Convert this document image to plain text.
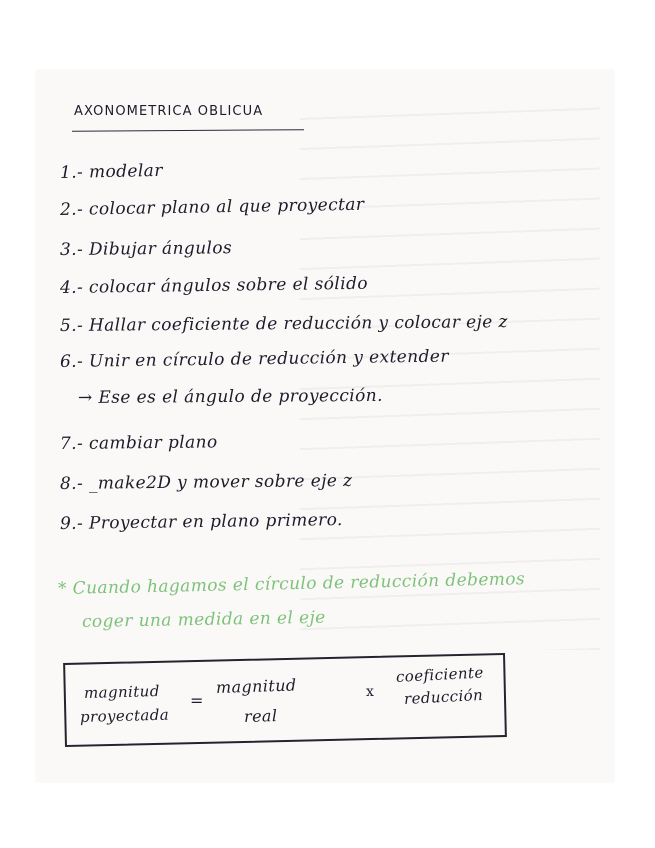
AXONOMETRICA OBLICUA
1.- modelar
2.- colocar plano al que proyectar
3.- Dibujar ángulos
4.- colocar ángulos sobre el sólido
5.- Hallar coeficiente de reducción y colocar eje z
6.- Unir en círculo de reducción y extender
→ Ese es el ángulo de proyección.
7.- cambiar plano
8.- _make2D y mover sobre eje z
9.- Proyectar en plano primero.
* Cuando hagamos el círculo de reducción debemos
coger una medida en el eje
magnitud
proyectada
=
magnitud
real
x
coeficiente
reducción
